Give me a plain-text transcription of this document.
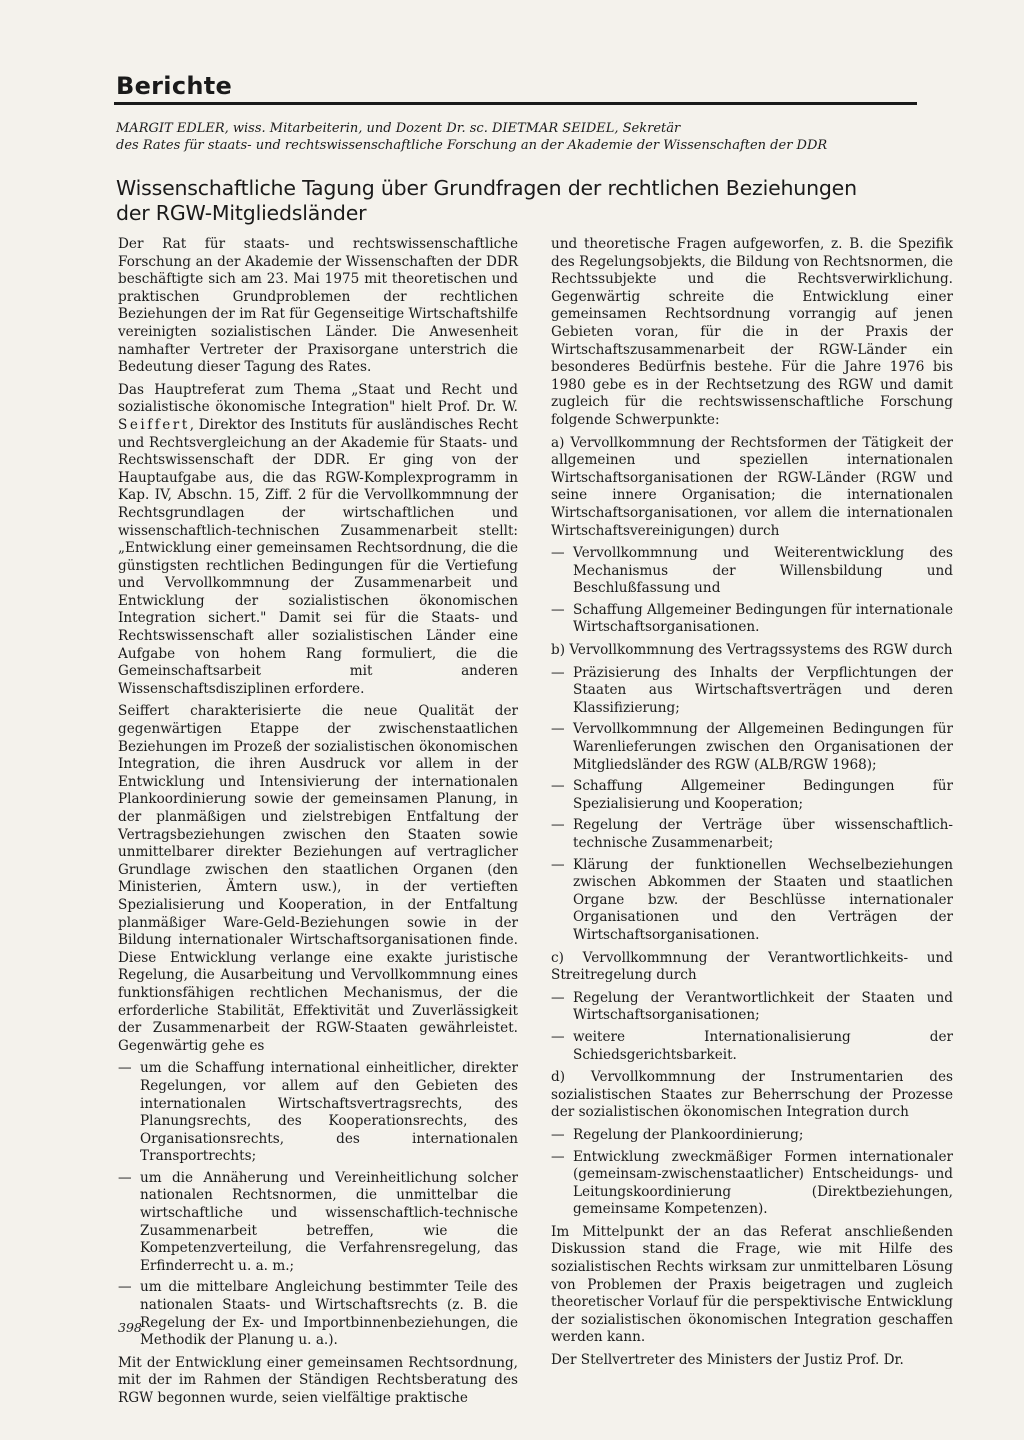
Berichte
MARGIT EDLER, wiss. Mitarbeiterin, und Dozent Dr. sc. DIETMAR SEIDEL, Sekretär
des Rates für staats- und rechtswissenschaftliche Forschung an der Akademie der Wissenschaften der DDR
Wissenschaftliche Tagung über Grundfragen der rechtlichen Beziehungen
der RGW-Mitgliedsländer

Der Rat für staats- und rechtswissenschaftliche Forschung an der Akademie der Wissenschaften der DDR beschäftigte sich am 23. Mai 1975 mit theoretischen und praktischen Grundproblemen der rechtlichen Beziehungen der im Rat für Gegenseitige Wirtschaftshilfe vereinigten sozialistischen Länder. Die Anwesenheit namhafter Vertreter der Praxisorgane unterstrich die Bedeutung dieser Tagung des Rates.

Das Hauptreferat zum Thema „Staat und Recht und sozialistische ökonomische Integration" hielt Prof. Dr. W. Seiffert, Direktor des Instituts für ausländisches Recht und Rechtsvergleichung an der Akademie für Staats- und Rechtswissenschaft der DDR. Er ging von der Hauptaufgabe aus, die das RGW-Komplexprogramm in Kap. IV, Abschn. 15, Ziff. 2 für die Vervollkommnung der Rechtsgrundlagen der wirtschaftlichen und wissenschaftlich-technischen Zusammenarbeit stellt: „Entwicklung einer gemeinsamen Rechtsordnung, die die günstigsten rechtlichen Bedingungen für die Vertiefung und Vervollkommnung der Zusammenarbeit und Entwicklung der sozialistischen ökonomischen Integration sichert." Damit sei für die Staats- und Rechtswissenschaft aller sozialistischen Länder eine Aufgabe von hohem Rang formuliert, die die Gemeinschaftsarbeit mit anderen Wissenschaftsdisziplinen erfordere.

Seiffert charakterisierte die neue Qualität der gegenwärtigen Etappe der zwischenstaatlichen Beziehungen im Prozeß der sozialistischen ökonomischen Integration, die ihren Ausdruck vor allem in der Entwicklung und Intensivierung der internationalen Plankoordinierung sowie der gemeinsamen Planung, in der planmäßigen und zielstrebigen Entfaltung der Vertragsbeziehungen zwischen den Staaten sowie unmittelbarer direkter Beziehungen auf vertraglicher Grundlage zwischen den staatlichen Organen (den Ministerien, Ämtern usw.), in der vertieften Spezialisierung und Kooperation, in der Entfaltung planmäßiger Ware-Geld-Beziehungen sowie in der Bildung internationaler Wirtschaftsorganisationen finde. Diese Entwicklung verlange eine exakte juristische Regelung, die Ausarbeitung und Vervollkommnung eines funktionsfähigen rechtlichen Mechanismus, der die erforderliche Stabilität, Effektivität und Zuverlässigkeit der Zusammenarbeit der RGW-Staaten gewährleistet. Gegenwärtig gehe es

— um die Schaffung international einheitlicher, direkter Regelungen, vor allem auf den Gebieten des internationalen Wirtschaftsvertragsrechts, des Planungsrechts, des Kooperationsrechts, des Organisationsrechts, des internationalen Transportrechts;
— um die Annäherung und Vereinheitlichung solcher nationalen Rechtsnormen, die unmittelbar die wirtschaftliche und wissenschaftlich-technische Zusammenarbeit betreffen, wie die Kompetenzverteilung, die Verfahrensregelung, das Erfinderrecht u. a. m.;
— um die mittelbare Angleichung bestimmter Teile des nationalen Staats- und Wirtschaftsrechts (z. B. die Regelung der Ex- und Importbinnenbeziehungen, die Methodik der Planung u. a.).

Mit der Entwicklung einer gemeinsamen Rechtsordnung, mit der im Rahmen der Ständigen Rechtsberatung des RGW begonnen wurde, seien vielfältige praktische

und theoretische Fragen aufgeworfen, z. B. die Spezifik des Regelungsobjekts, die Bildung von Rechtsnormen, die Rechtssubjekte und die Rechtsverwirklichung. Gegenwärtig schreite die Entwicklung einer gemeinsamen Rechtsordnung vorrangig auf jenen Gebieten voran, für die in der Praxis der Wirtschaftszusammenarbeit der RGW-Länder ein besonderes Bedürfnis bestehe. Für die Jahre 1976 bis 1980 gebe es in der Rechtsetzung des RGW und damit zugleich für die rechtswissenschaftliche Forschung folgende Schwerpunkte:

a) Vervollkommnung der Rechtsformen der Tätigkeit der allgemeinen und speziellen internationalen Wirtschaftsorganisationen der RGW-Länder (RGW und seine innere Organisation; die internationalen Wirtschaftsorganisationen, vor allem die internationalen Wirtschaftsvereinigungen) durch

— Vervollkommnung und Weiterentwicklung des Mechanismus der Willensbildung und Beschlußfassung und
— Schaffung Allgemeiner Bedingungen für internationale Wirtschaftsorganisationen.

b) Vervollkommnung des Vertragssystems des RGW durch

— Präzisierung des Inhalts der Verpflichtungen der Staaten aus Wirtschaftsverträgen und deren Klassifizierung;
— Vervollkommnung der Allgemeinen Bedingungen für Warenlieferungen zwischen den Organisationen der Mitgliedsländer des RGW (ALB/RGW 1968);
— Schaffung Allgemeiner Bedingungen für Spezialisierung und Kooperation;
— Regelung der Verträge über wissenschaftlich-technische Zusammenarbeit;
— Klärung der funktionellen Wechselbeziehungen zwischen Abkommen der Staaten und staatlichen Organe bzw. der Beschlüsse internationaler Organisationen und den Verträgen der Wirtschaftsorganisationen.

c) Vervollkommnung der Verantwortlichkeits- und Streitregelung durch

— Regelung der Verantwortlichkeit der Staaten und Wirtschaftsorganisationen;
— weitere Internationalisierung der Schiedsgerichtsbarkeit.

d) Vervollkommnung der Instrumentarien des sozialistischen Staates zur Beherrschung der Prozesse der sozialistischen ökonomischen Integration durch

— Regelung der Plankoordinierung;
— Entwicklung zweckmäßiger Formen internationaler (gemeinsam-zwischenstaatlicher) Entscheidungs- und Leitungskoordinierung (Direktbeziehungen, gemeinsame Kompetenzen).

Im Mittelpunkt der an das Referat anschließenden Diskussion stand die Frage, wie mit Hilfe des sozialistischen Rechts wirksam zur unmittelbaren Lösung von Problemen der Praxis beigetragen und zugleich theoretischer Vorlauf für die perspektivische Entwicklung der sozialistischen ökonomischen Integration geschaffen werden kann.

Der Stellvertreter des Ministers der Justiz Prof. Dr.

398
